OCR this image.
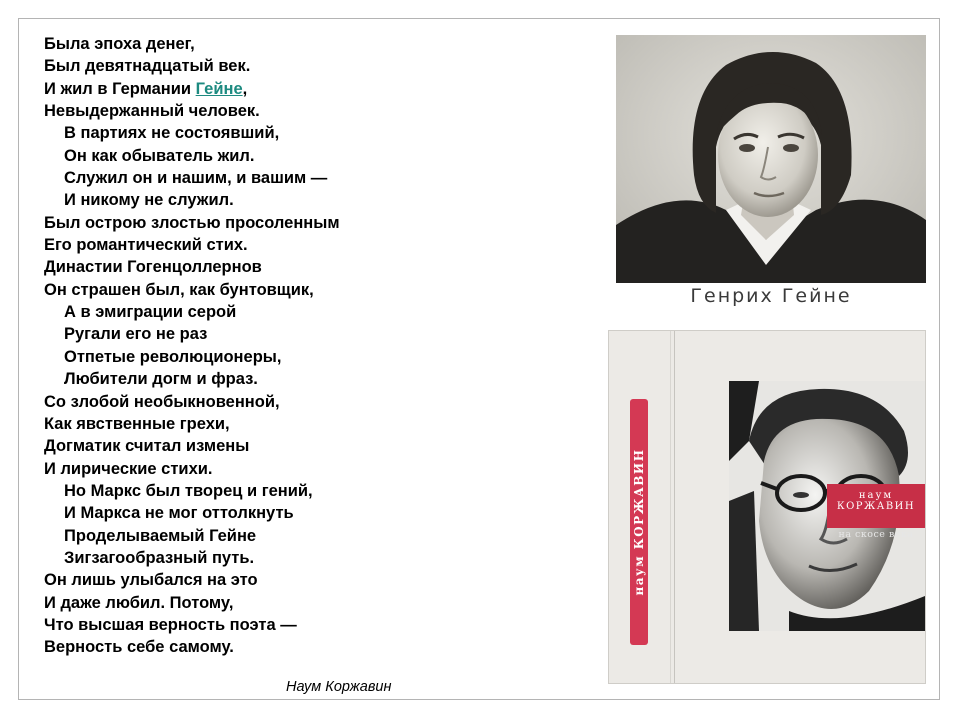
Была эпоха денег,
Был девятнадцатый век.
И жил в Германии Гейне,
Невыдержанный человек.
В партиях не состоявший,
Он как обыватель жил.
Служил он и нашим, и вашим —
И никому не служил.
Был острою злостью просоленным
Его романтический стих.
Династии Гогенцоллернов
Он страшен был, как бунтовщик,
А в эмиграции серой
Ругали его не раз
Отпетые революционеры,
Любители догм и фраз.
Со злобой необыкновенной,
Как явственные грехи,
Догматик считал измены
И лирические стихи.
Но Маркс был творец и гений,
И Маркса не мог оттолкнуть
Проделываемый Гейне
Зигзагообразный путь.
Он лишь улыбался на это
И даже любил. Потому,
Что высшая верность поэта —
Верность себе самому.
Наум Коржавин
Генрих Гейне
наум КОРЖАВИН	наум
КОРЖАВИН
на скосе века
